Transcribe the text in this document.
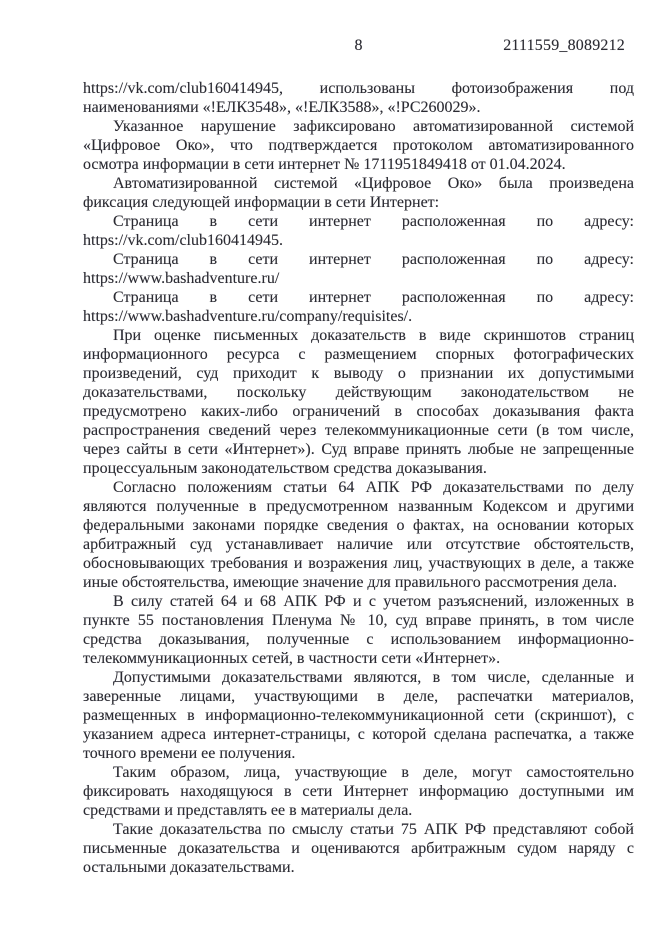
8	2111559_8089212

https://vk.com/club160414945, использованы фотоизображения под наименованиями «!ЕЛК3548», «!ЕЛК3588», «!РС260029».

Указанное нарушение зафиксировано автоматизированной системой «Цифровое Око», что подтверждается протоколом автоматизированного осмотра информации в сети интернет № 1711951849418 от 01.04.2024.

Автоматизированной системой «Цифровое Око» была произведена фиксация следующей информации в сети Интернет:

Страница в сети интернет расположенная по адресу: https://vk.com/club160414945.

Страница в сети интернет расположенная по адресу: https://www.bashadventure.ru/

Страница в сети интернет расположенная по адресу: https://www.bashadventure.ru/company/requisites/.

При оценке письменных доказательств в виде скриншотов страниц информационного ресурса с размещением спорных фотографических произведений, суд приходит к выводу о признании их допустимыми доказательствами, поскольку действующим законодательством не предусмотрено каких-либо ограничений в способах доказывания факта распространения сведений через телекоммуникационные сети (в том числе, через сайты в сети «Интернет»). Суд вправе принять любые не запрещенные процессуальным законодательством средства доказывания.

Согласно положениям статьи 64 АПК РФ доказательствами по делу являются полученные в предусмотренном названным Кодексом и другими федеральными законами порядке сведения о фактах, на основании которых арбитражный суд устанавливает наличие или отсутствие обстоятельств, обосновывающих требования и возражения лиц, участвующих в деле, а также иные обстоятельства, имеющие значение для правильного рассмотрения дела.

В силу статей 64 и 68 АПК РФ и с учетом разъяснений, изложенных в пункте 55 постановления Пленума № 10, суд вправе принять, в том числе средства доказывания, полученные с использованием информационно-телекоммуникационных сетей, в частности сети «Интернет».

Допустимыми доказательствами являются, в том числе, сделанные и заверенные лицами, участвующими в деле, распечатки материалов, размещенных в информационно-телекоммуникационной сети (скриншот), с указанием адреса интернет-страницы, с которой сделана распечатка, а также точного времени ее получения.

Таким образом, лица, участвующие в деле, могут самостоятельно фиксировать находящуюся в сети Интернет информацию доступными им средствами и представлять ее в материалы дела.

Такие доказательства по смыслу статьи 75 АПК РФ представляют собой письменные доказательства и оцениваются арбитражным судом наряду с остальными доказательствами.
